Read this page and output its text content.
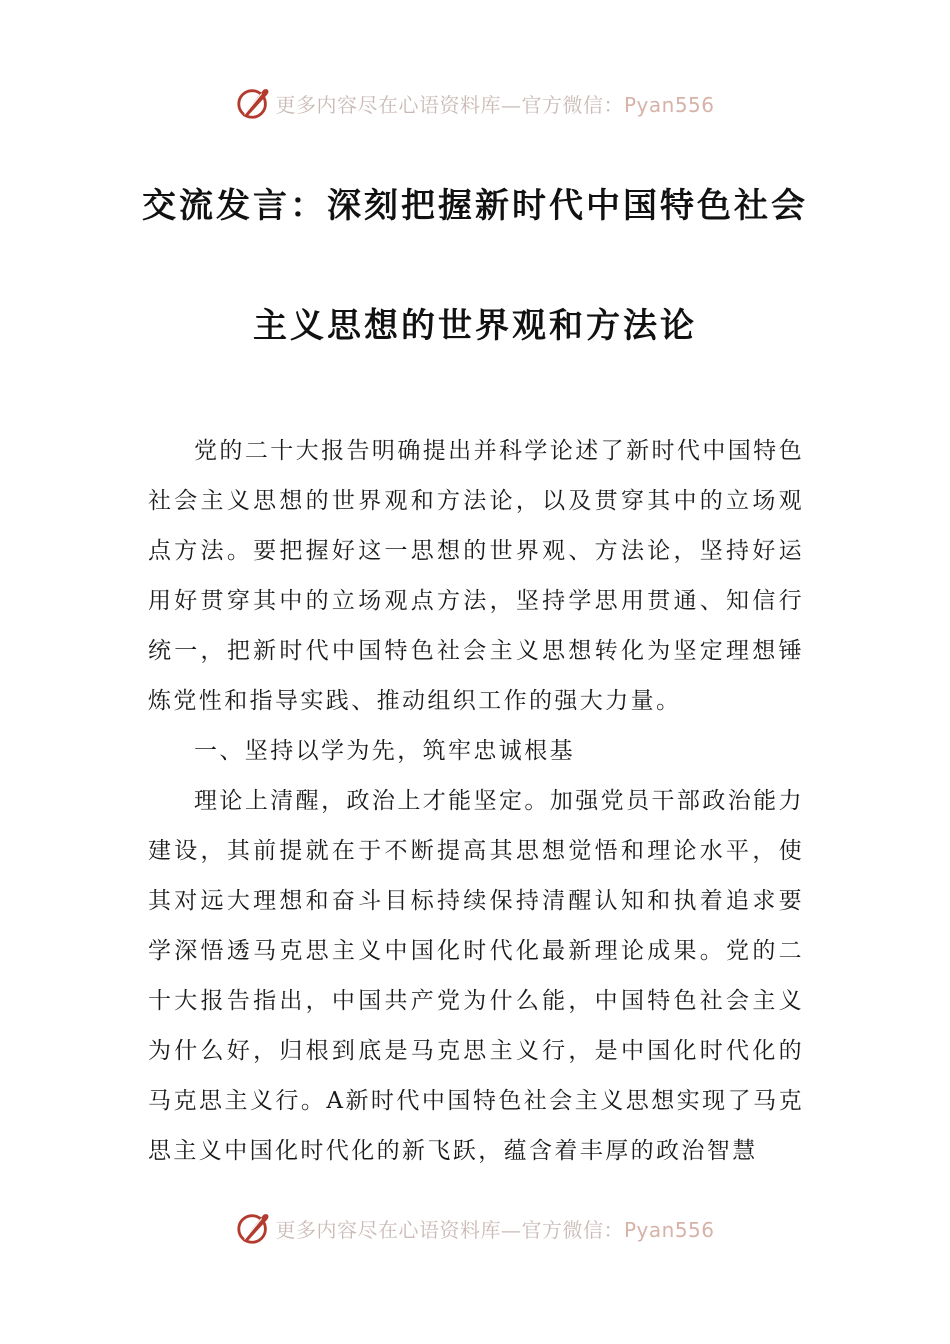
更多内容尽在心语资料库—官方微信：Pyan556
交流发言：深刻把握新时代中国特色社会
主义思想的世界观和方法论

党的二十大报告明确提出并科学论述了新时代中国特色社会主义思想的世界观和方法论，以及贯穿其中的立场观点方法。要把握好这一思想的世界观、方法论，坚持好运用好贯穿其中的立场观点方法，坚持学思用贯通、知信行统一，把新时代中国特色社会主义思想转化为坚定理想锤炼党性和指导实践、推动组织工作的强大力量。

一、坚持以学为先，筑牢忠诚根基

理论上清醒，政治上才能坚定。加强党员干部政治能力建设，其前提就在于不断提高其思想觉悟和理论水平，使其对远大理想和奋斗目标持续保持清醒认知和执着追求要学深悟透马克思主义中国化时代化最新理论成果。党的二十大报告指出，中国共产党为什么能，中国特色社会主义为什么好，归根到底是马克思主义行，是中国化时代化的马克思主义行。A新时代中国特色社会主义思想实现了马克思主义中国化时代化的新飞跃，蕴含着丰厚的政治智慧

更多内容尽在心语资料库—官方微信：Pyan556
